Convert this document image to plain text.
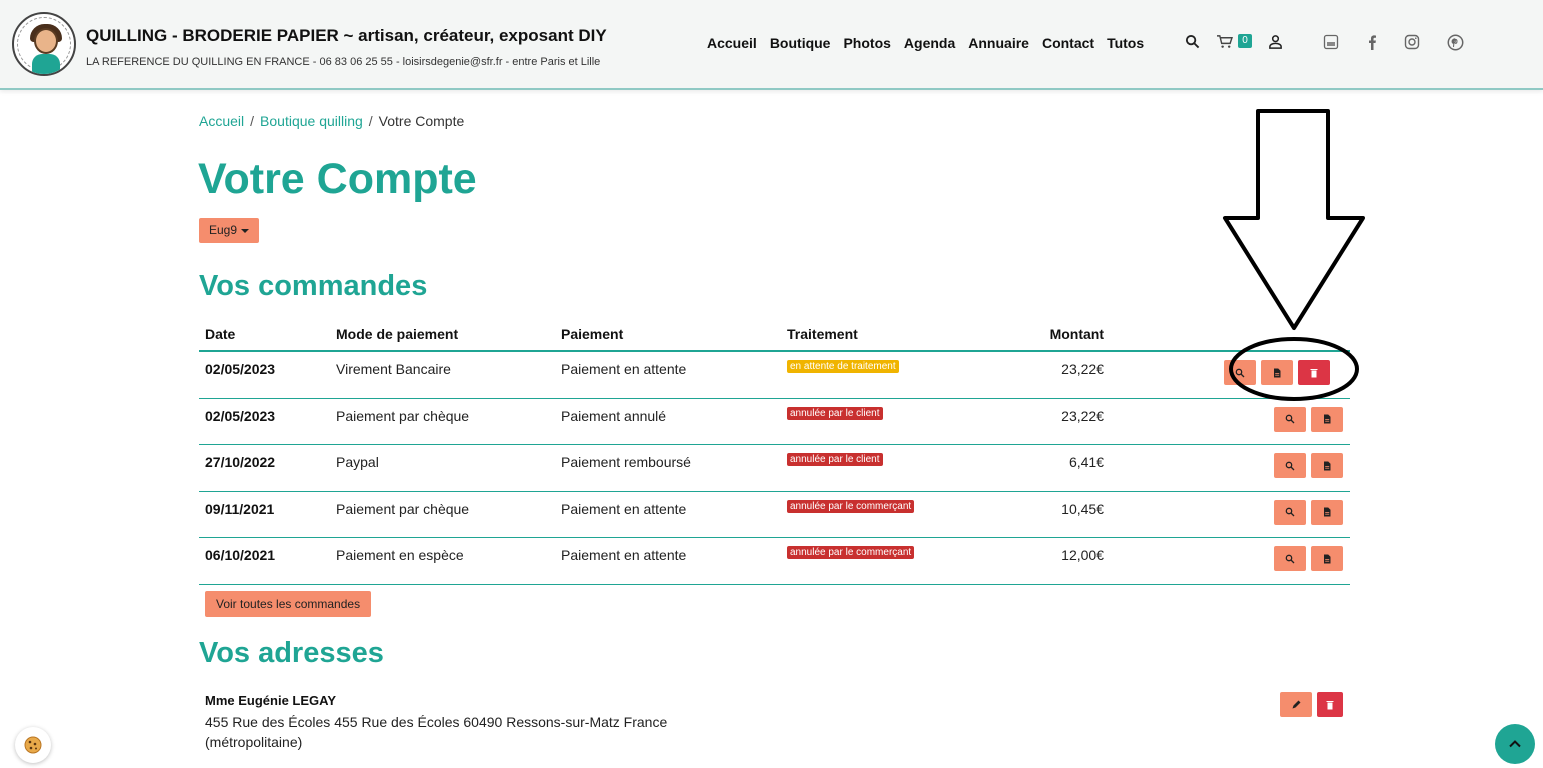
QUILLING - BRODERIE PAPIER ~ artisan, créateur, exposant DIY
LA REFERENCE DU QUILLING EN FRANCE - 06 83 06 25 55 - loisirsdegenie@sfr.fr - entre Paris et Lille
Accueil Boutique Photos Agenda Annuaire Contact Tutos	0
Accueil / Boutique quilling / Votre Compte
Votre Compte
Eug9
Vos commandes
Date	Mode de paiement	Paiement	Traitement	Montant
02/05/2023	Virement Bancaire	Paiement en attente	en attente de traitement	23,22€
02/05/2023	Paiement par chèque	Paiement annulé	annulée par le client	23,22€
27/10/2022	Paypal	Paiement remboursé	annulée par le client	6,41€
09/11/2021	Paiement par chèque	Paiement en attente	annulée par le commerçant	10,45€
06/10/2021	Paiement en espèce	Paiement en attente	annulée par le commerçant	12,00€
Voir toutes les commandes
Vos adresses
Mme Eugénie LEGAY
455 Rue des Écoles 455 Rue des Écoles 60490 Ressons-sur-Matz France (métropolitaine)
